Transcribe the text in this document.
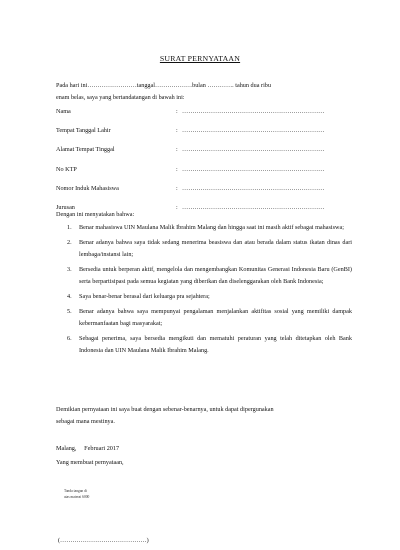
SURAT PERNYATAAN
Pada hari ini……………………tanggal………………bulan …………. tahun dua ribu
enam belas, saya yang bertandatangan di bawah ini:
Nama	: ……………………………………………………………
Tempat Tanggal Lahir	: ……………………………………………………………
Alamat Tempat Tinggal	: ……………………………………………………………
No KTP	: ……………………………………………………………
Nomor Induk Mahasiswa	: ……………………………………………………………
Jurusan	: ……………………………………………………………
Dengan ini menyatakan bahwa:
1. Benar mahasiswa UIN Maulana Malik Ibrahim Malang dan hingga saat ini masih aktif sebagai mahasiswa;
2. Benar adanya bahwa saya tidak sedang menerima beasiswa dan atau berada dalam status ikatan dinas dari lembaga/instansi lain;
3. Bersedia untuk berperan aktif, mengelola dan mengembangkan Komunitas Generasi Indonesia Baru (GenBI) serta berpartisipasi pada semua kegiatan yang diberikan dan diselenggarakan oleh Bank Indonesia;
4. Saya benar-benar berasal dari keluarga pra sejahtera;
5. Benar adanya bahwa saya mempunyai pengalaman menjalankan aktifitas sosial yang memiliki dampak kebermanfaatan bagi masyarakat;
6. Sebagai penerima, saya bersedia mengikuti dan mematuhi peraturan yang telah ditetapkan oleh Bank Indonesia dan UIN Maulana Malik Ibrahim Malang.
Demikian pernyataan ini saya buat dengan sebenar-benarnya, untuk dapat dipergunakan
sebagai mana mestinya.
Malang,     Februari 2017
Yang membuat pernyataan,
Tanda tangan di
atas materai 6000
(……………………………………)
